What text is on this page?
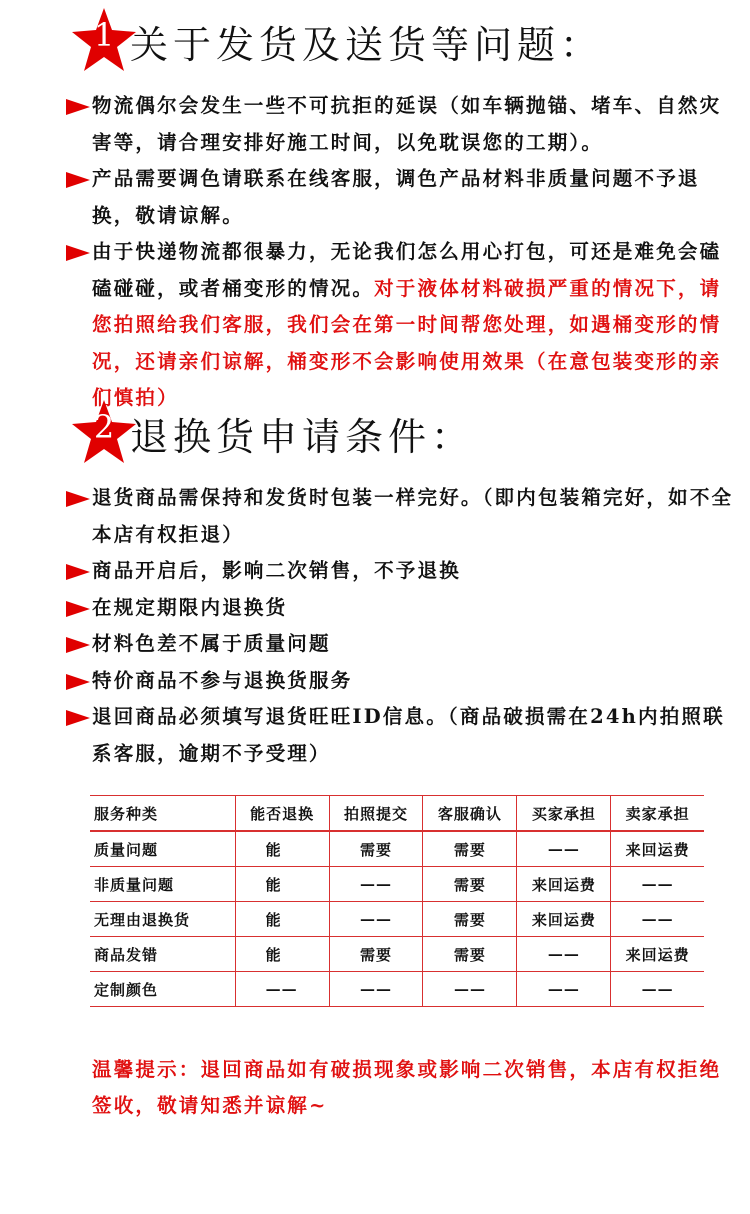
1 关于发货及送货等问题：

物流偶尔会发生一些不可抗拒的延误（如车辆抛锚、堵车、自然灾害等，请合理安排好施工时间，以免耽误您的工期）。

产品需要调色请联系在线客服，调色产品材料非质量问题不予退换，敬请谅解。

由于快递物流都很暴力，无论我们怎么用心打包，可还是难免会磕磕碰碰，或者桶变形的情况。对于液体材料破损严重的情况下，请您拍照给我们客服，我们会在第一时间帮您处理，如遇桶变形的情况，还请亲们谅解，桶变形不会影响使用效果（在意包装变形的亲们慎拍）

2 退换货申请条件：

退货商品需保持和发货时包装一样完好。（即内包装箱完好，如不全本店有权拒退）

商品开启后，影响二次销售，不予退换

在规定期限内退换货

材料色差不属于质量问题

特价商品不参与退换货服务

退回商品必须填写退货旺旺ID信息。（商品破损需在24h内拍照联系客服，逾期不予受理）

服务种类	能否退换	拍照提交	客服确认	买家承担	卖家承担
质量问题	能	需要	需要	——	来回运费
非质量问题	能	——	需要	来回运费	——
无理由退换货	能	——	需要	来回运费	——
商品发错	能	需要	需要	——	来回运费
定制颜色	——	——	——	——	——
温馨提示：退回商品如有破损现象或影响二次销售，本店有权拒绝签收，敬请知悉并谅解~
